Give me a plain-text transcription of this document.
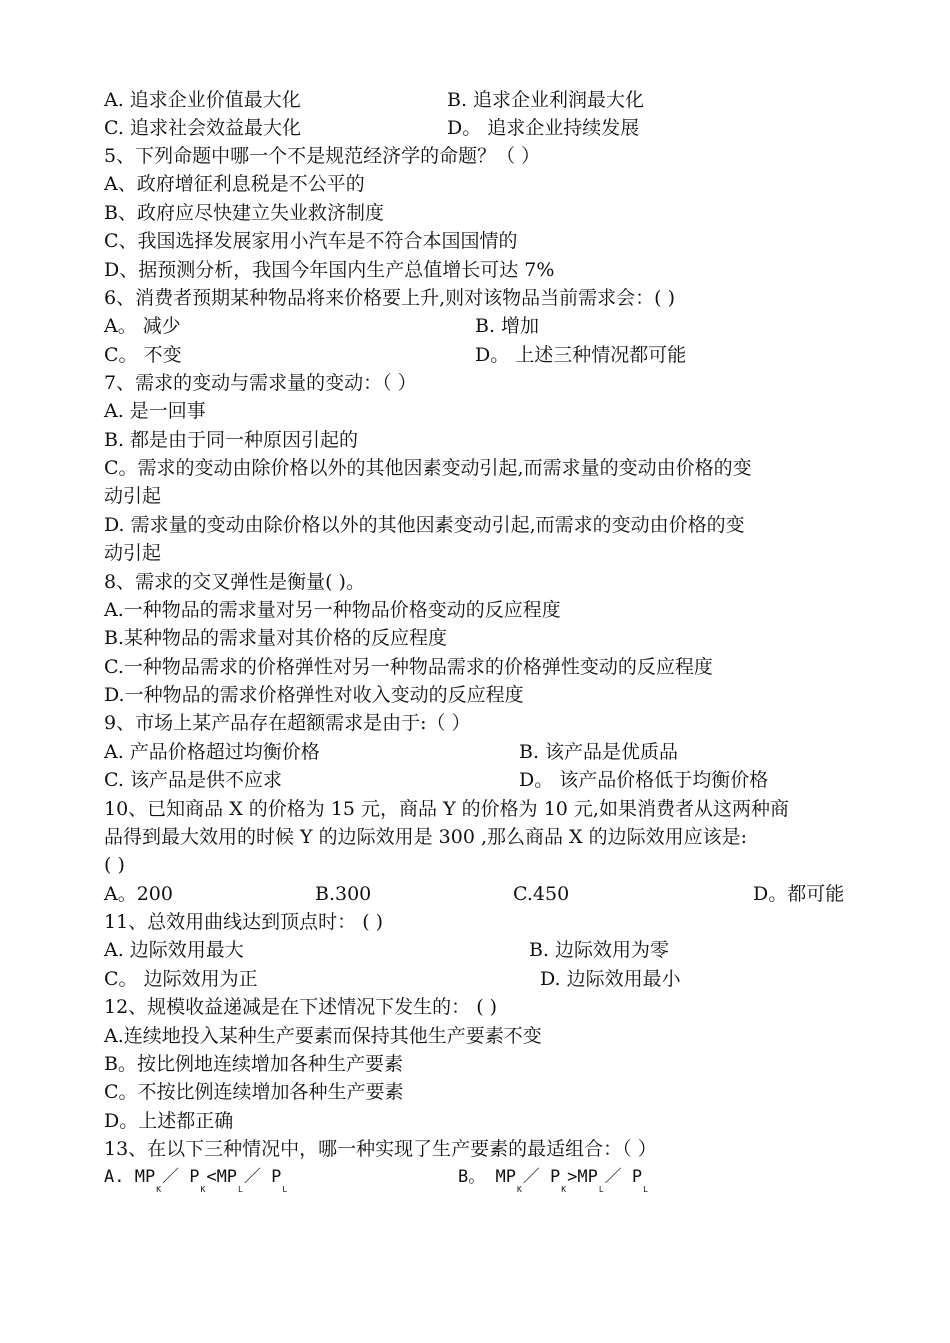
A. 追求企业价值最大化	B. 追求企业利润最大化
C. 追求社会效益最大化	D。 追求企业持续发展
5、下列命题中哪一个不是规范经济学的命题？（ ）
A、政府增征利息税是不公平的
B、政府应尽快建立失业救济制度
C、我国选择发展家用小汽车是不符合本国国情的
D、据预测分析，我国今年国内生产总值增长可达 7%
6、消费者预期某种物品将来价格要上升,则对该物品当前需求会：( )
A。 减少	B. 增加
C。 不变	D。 上述三种情况都可能
7、需求的变动与需求量的变动：（ ）
A. 是一回事
B. 都是由于同一种原因引起的
C。需求的变动由除价格以外的其他因素变动引起,而需求量的变动由价格的变
动引起
D. 需求量的变动由除价格以外的其他因素变动引起,而需求的变动由价格的变
动引起
8、需求的交叉弹性是衡量( )。
A.一种物品的需求量对另一种物品价格变动的反应程度
B.某种物品的需求量对其价格的反应程度
C.一种物品需求的价格弹性对另一种物品需求的价格弹性变动的反应程度
D.一种物品的需求价格弹性对收入变动的反应程度
9、市场上某产品存在超额需求是由于:（ ）
A. 产品价格超过均衡价格	B. 该产品是优质品
C. 该产品是供不应求	D。 该产品价格低于均衡价格
10、已知商品 X 的价格为 15 元，商品 Y 的价格为 10 元,如果消费者从这两种商
品得到最大效用的时候 Y 的边际效用是 300 ,那么商品 X 的边际效用应该是:
( )
A。200	B.300	C.450	D。都可能
11、总效用曲线达到顶点时： ( )
A. 边际效用最大	B. 边际效用为零
C。 边际效用为正	D. 边际效用最小
12、规模收益递减是在下述情况下发生的： ( )
A.连续地投入某种生产要素而保持其他生产要素不变
B。按比例地连续增加各种生产要素
C。不按比例连续增加各种生产要素
D。上述都正确
13、在以下三种情况中，哪一种实现了生产要素的最适组合：（ ）
A. $MP_K/$ $P_K<MP_L/$ $P_L$
B。 $MP_K/$ $P_K>MP_L/$ $P_L$
